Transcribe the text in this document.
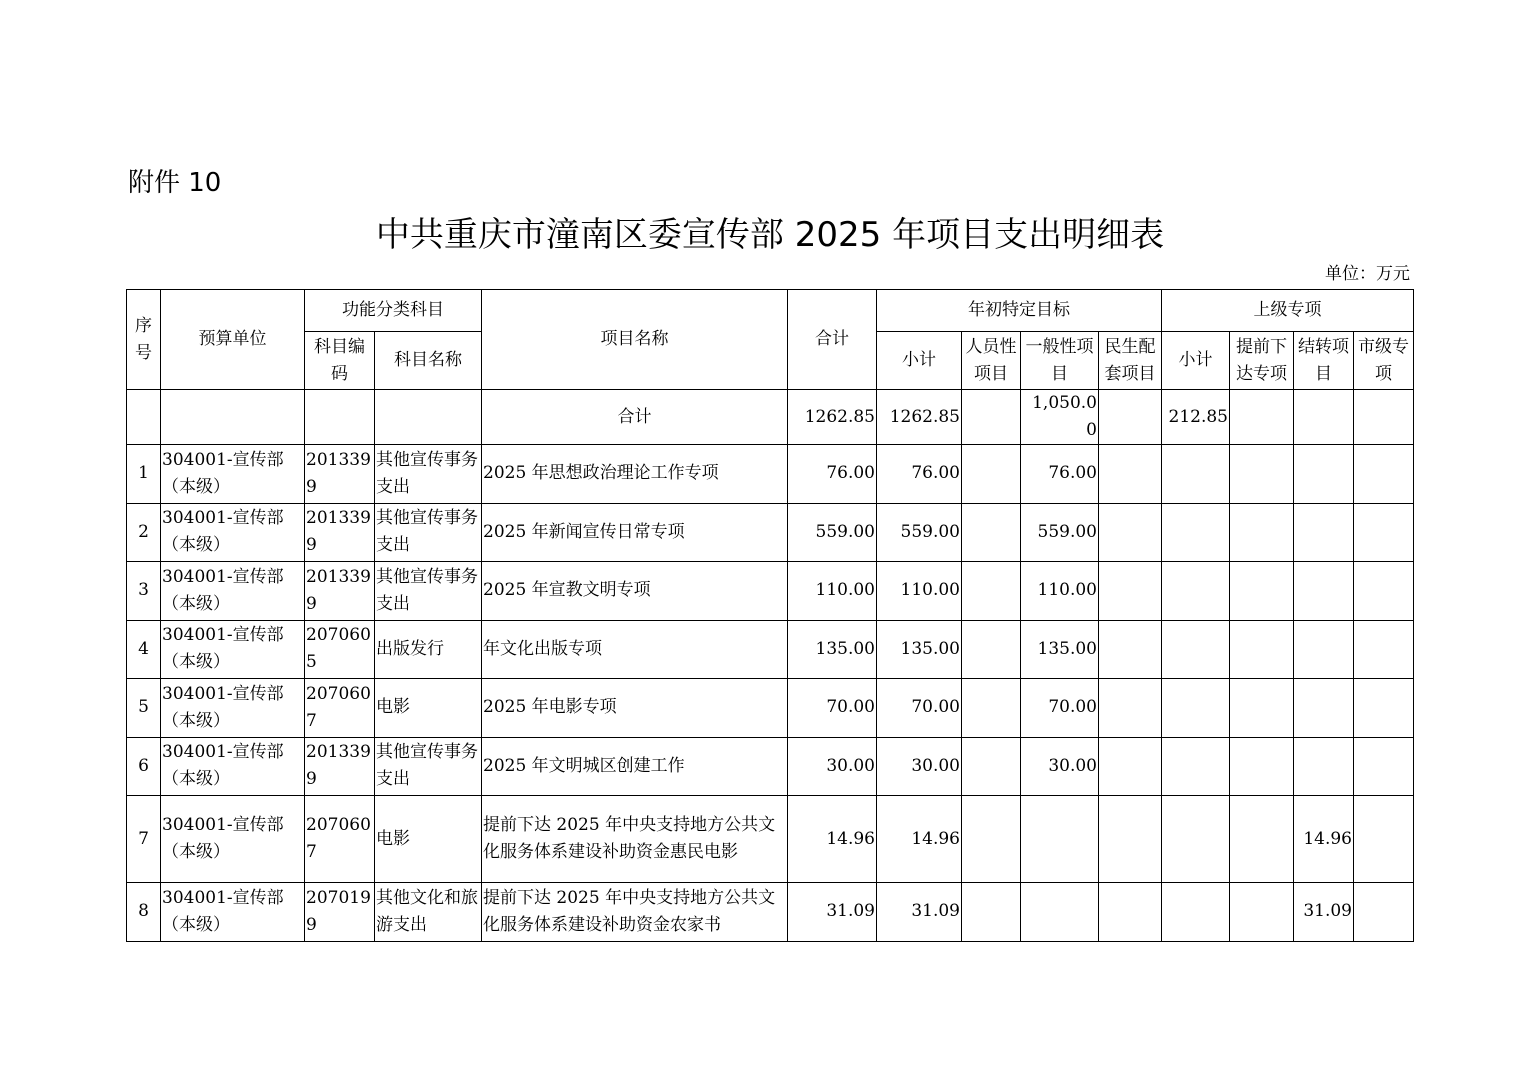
附件 10
中共重庆市潼南区委宣传部 2025 年项目支出明细表
单位：万元
序号	预算单位	功能分类科目		项目名称	合计	年初特定目标				上级专项			
		科目编码	科目名称			小计	人员性项目	一般性项目	民生配套项目	小计	提前下达专项	结转项目	市级专项
				合计	1262.85	1262.85		1,050.00		212.85			
1	304001-宣传部（本级）	2013399	其他宣传事务支出	2025 年思想政治理论工作专项	76.00	76.00		76.00					
2	304001-宣传部（本级）	2013399	其他宣传事务支出	2025 年新闻宣传日常专项	559.00	559.00		559.00					
3	304001-宣传部（本级）	2013399	其他宣传事务支出	2025 年宣教文明专项	110.00	110.00		110.00					
4	304001-宣传部（本级）	2070605	出版发行	年文化出版专项	135.00	135.00		135.00					
5	304001-宣传部（本级）	2070607	电影	2025 年电影专项	70.00	70.00		70.00					
6	304001-宣传部（本级）	2013399	其他宣传事务支出	2025 年文明城区创建工作	30.00	30.00		30.00					
7	304001-宣传部（本级）	2070607	电影	提前下达 2025 年中央支持地方公共文化服务体系建设补助资金惠民电影	14.96	14.96						14.96	
8	304001-宣传部（本级）	2070199	其他文化和旅游支出	提前下达 2025 年中央支持地方公共文化服务体系建设补助资金农家书	31.09	31.09						31.09	
